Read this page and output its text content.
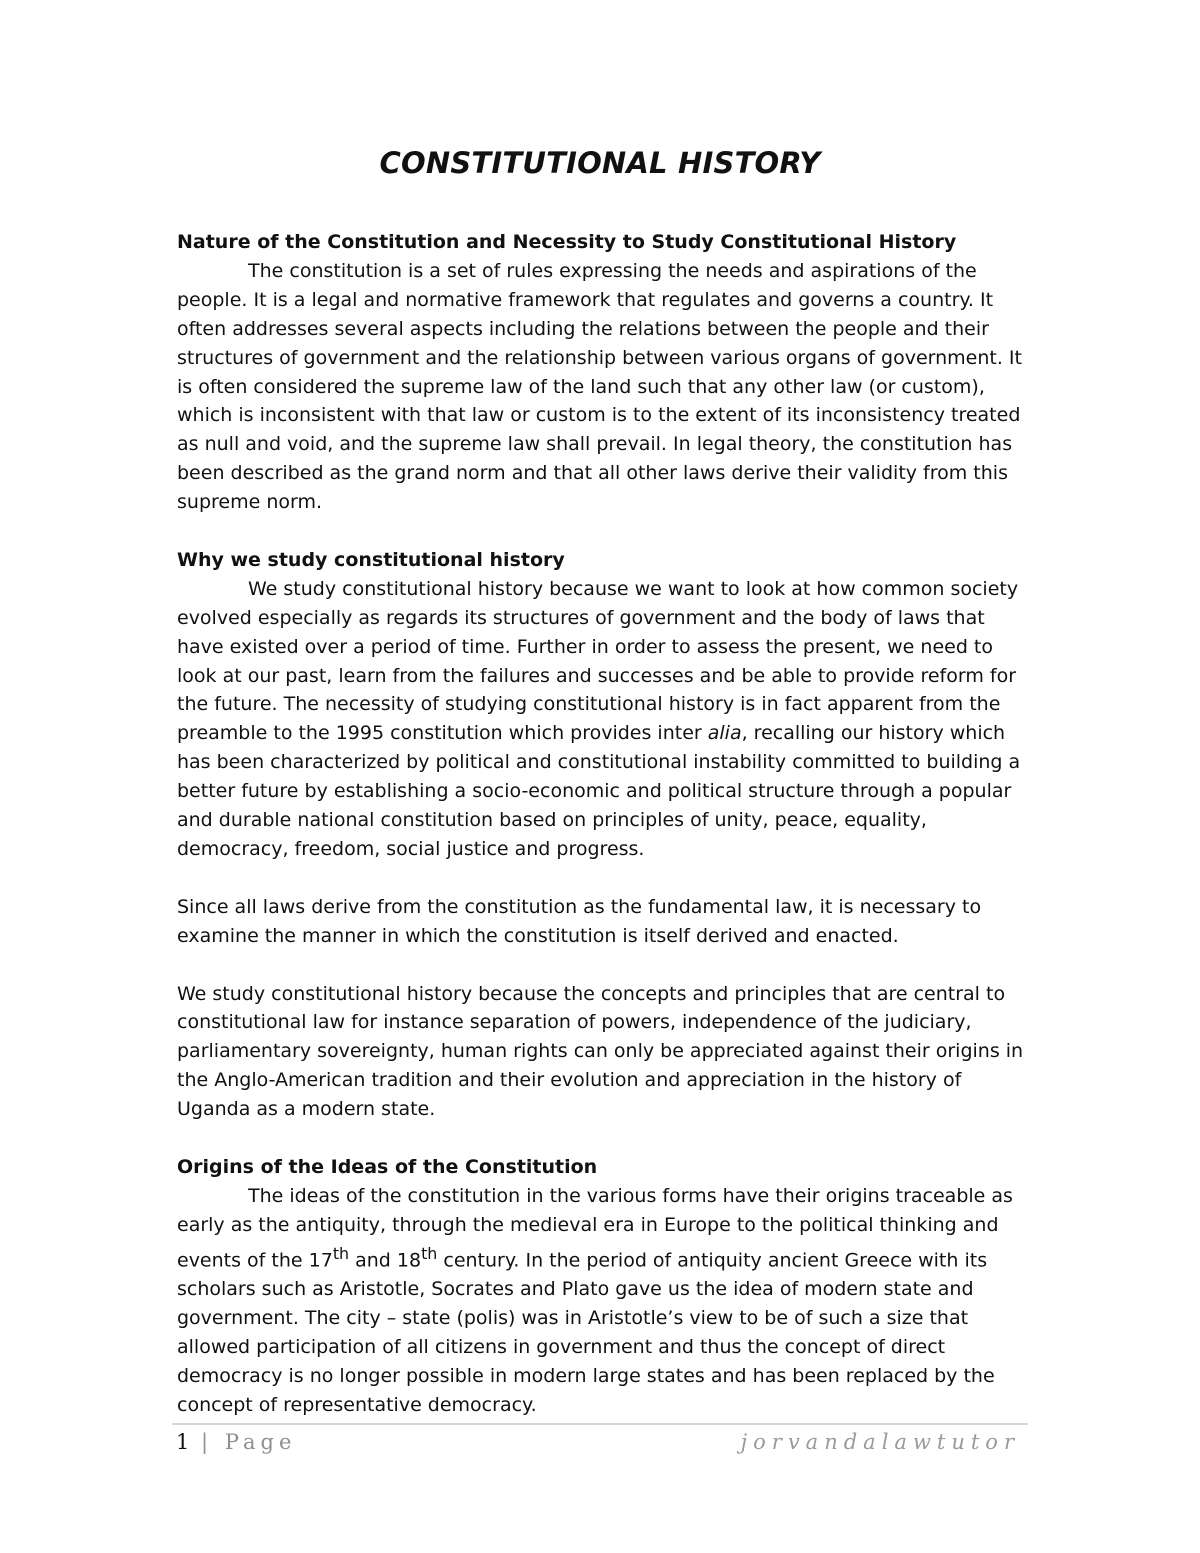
CONSTITUTIONAL HISTORY

Nature of the Constitution and Necessity to Study Constitutional History

The constitution is a set of rules expressing the needs and aspirations of the people. It is a legal and normative framework that regulates and governs a country. It often addresses several aspects including the relations between the people and their structures of government and the relationship between various organs of government. It is often considered the supreme law of the land such that any other law (or custom), which is inconsistent with that law or custom is to the extent of its inconsistency treated as null and void, and the supreme law shall prevail. In legal theory, the constitution has been described as the grand norm and that all other laws derive their validity from this supreme norm.

Why we study constitutional history

We study constitutional history because we want to look at how common society evolved especially as regards its structures of government and the body of laws that have existed over a period of time. Further in order to assess the present, we need to look at our past, learn from the failures and successes and be able to provide reform for the future. The necessity of studying constitutional history is in fact apparent from the preamble to the 1995 constitution which provides inter alia, recalling our history which has been characterized by political and constitutional instability committed to building a better future by establishing a socio-economic and political structure through a popular and durable national constitution based on principles of unity, peace, equality, democracy, freedom, social justice and progress.

Since all laws derive from the constitution as the fundamental law, it is necessary to examine the manner in which the constitution is itself derived and enacted.

We study constitutional history because the concepts and principles that are central to constitutional law for instance separation of powers, independence of the judiciary, parliamentary sovereignty, human rights can only be appreciated against their origins in the Anglo-American tradition and their evolution and appreciation in the history of Uganda as a modern state.

Origins of the Ideas of the Constitution

The ideas of the constitution in the various forms have their origins traceable as early as the antiquity, through the medieval era in Europe to the political thinking and events of the 17th and 18th century. In the period of antiquity ancient Greece with its scholars such as Aristotle, Socrates and Plato gave us the idea of modern state and government. The city – state (polis) was in Aristotle’s view to be of such a size that allowed participation of all citizens in government and thus the concept of direct democracy is no longer possible in modern large states and has been replaced by the concept of representative democracy.

1 | Page	jorvandalawtutor
